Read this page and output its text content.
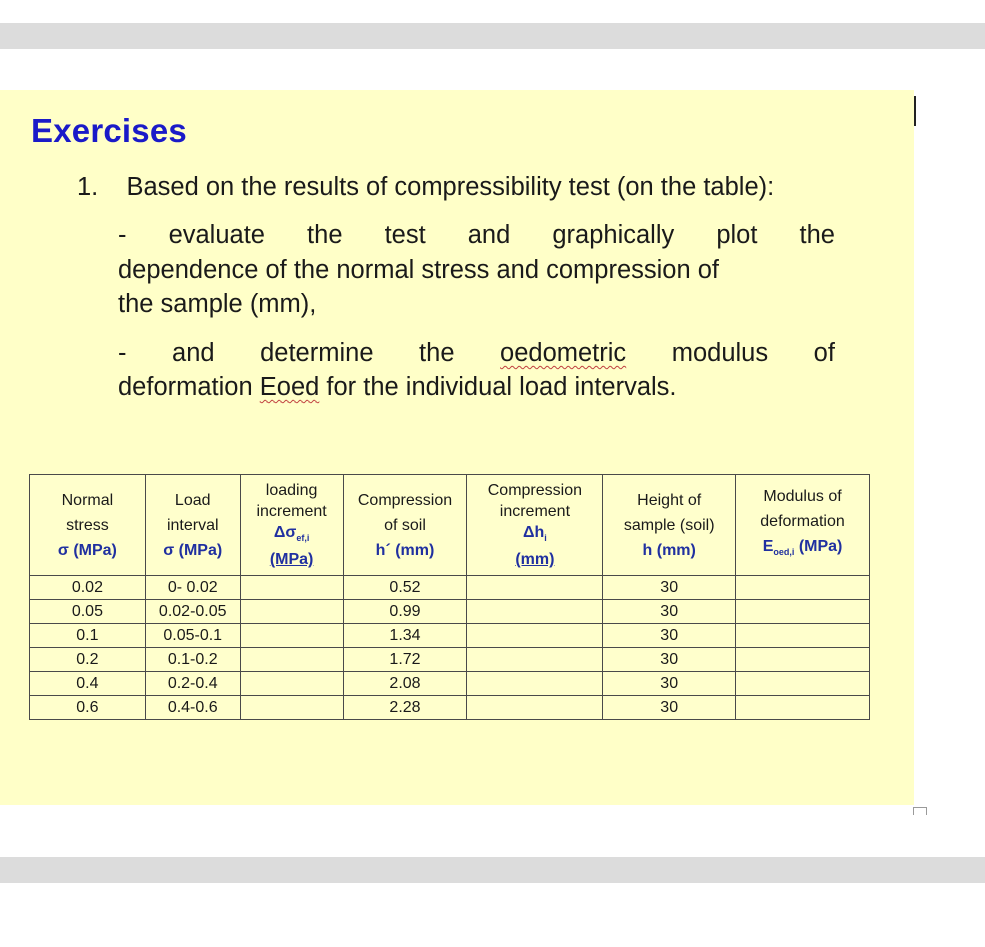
Exercises
1. Based on the results of compressibility test (on the table):
- evaluate the test and graphically plot the
dependence of the normal stress and compression of
the sample (mm),
- and determine the oedometric modulus of
deformation Eoed for the individual load intervals.
Normal
stress
σ (MPa)	Load
interval
σ (MPa)	loading
increment
$\Delta\sigma_{ef,i}$
(MPa)	Compression
of soil
h´ (mm)	Compression
increment
$\Delta h_i$
(mm)	Height of
sample (soil)
h (mm)	Modulus of
deformation
$E_{oed,i}$ (MPa)

0.02	0- 0.02		0.52		30	
0.05	0.02-0.05		0.99		30	
0.1	0.05-0.1		1.34		30	
0.2	0.1-0.2		1.72		30	
0.4	0.2-0.4		2.08		30	
0.6	0.4-0.6		2.28		30	
